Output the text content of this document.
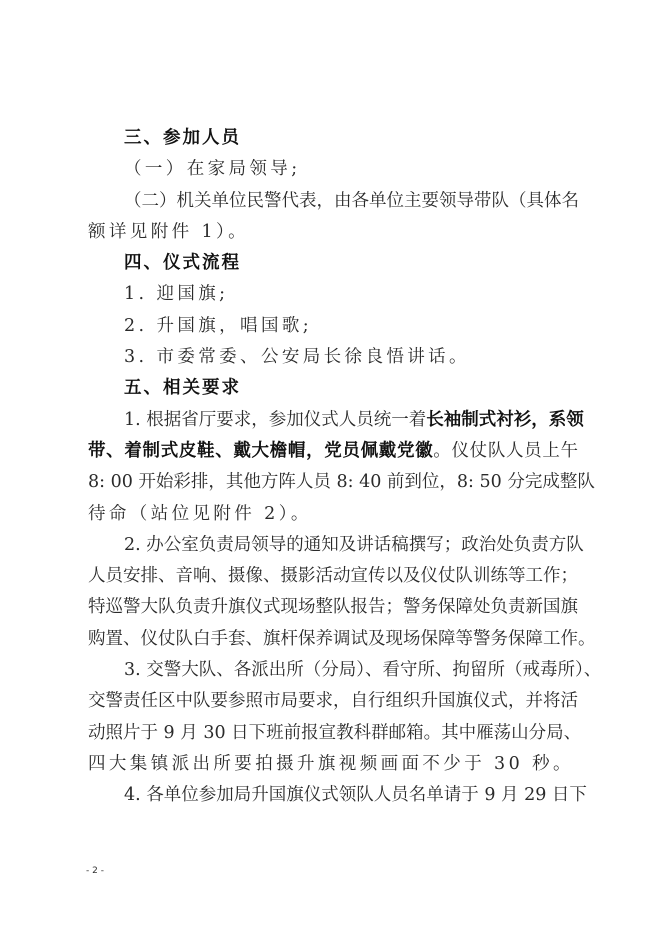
三、参加人员
（一）在家局领导;
（二）机关单位民警代表，由各单位主要领导带队（具体名
额详见附件 1）。
四、仪式流程
1. 迎国旗;
2. 升国旗，唱国歌;
3. 市委常委、公安局长徐良悟讲话。
五、相关要求
1. 根据省厅要求，参加仪式人员统一着长袖制式衬衫，系领
带、着制式皮鞋、戴大檐帽，党员佩戴党徽。仪仗队人员上午
8: 00 开始彩排，其他方阵人员 8: 40 前到位，8: 50 分完成整队
待命（站位见附件 2）。
2. 办公室负责局领导的通知及讲话稿撰写；政治处负责方队
人员安排、音响、摄像、摄影活动宣传以及仪仗队训练等工作；
特巡警大队负责升旗仪式现场整队报告；警务保障处负责新国旗
购置、仪仗队白手套、旗杆保养调试及现场保障等警务保障工作。
3. 交警大队、各派出所（分局）、看守所、拘留所（戒毒所）、
交警责任区中队要参照市局要求，自行组织升国旗仪式，并将活
动照片于 9 月 30 日下班前报宣教科群邮箱。其中雁荡山分局、
四大集镇派出所要拍摄升旗视频画面不少于 30 秒。
4. 各单位参加局升国旗仪式领队人员名单请于 9 月 29 日下
- 2 -
